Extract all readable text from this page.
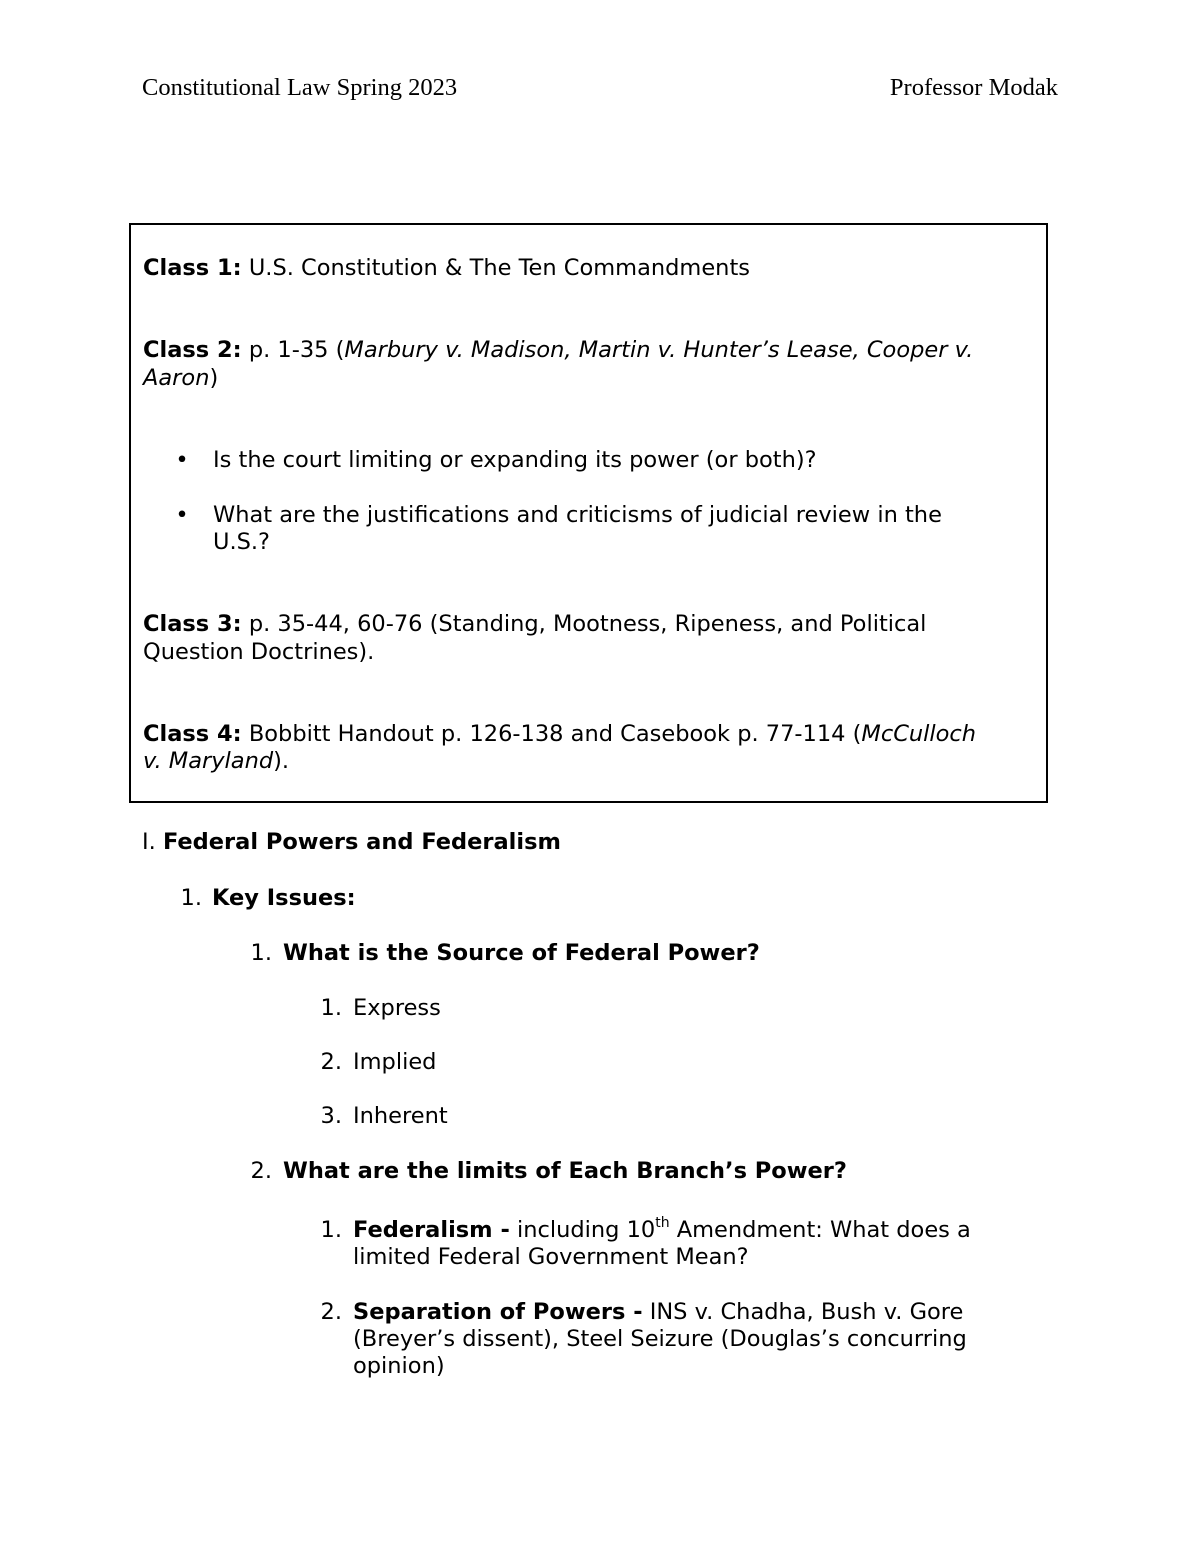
Constitutional Law Spring 2023	Professor Modak
Class 1: U.S. Constitution & The Ten Commandments
Class 2: p. 1-35 (Marbury v. Madison, Martin v. Hunter’s Lease, Cooper v.
Aaron)
• Is the court limiting or expanding its power (or both)?
• What are the justifications and criticisms of judicial review in the
U.S.?
Class 3: p. 35-44, 60-76 (Standing, Mootness, Ripeness, and Political
Question Doctrines).
Class 4: Bobbitt Handout p. 126-138 and Casebook p. 77-114 (McCulloch
v. Maryland).
I. Federal Powers and Federalism
1. Key Issues:
1. What is the Source of Federal Power?
1. Express
2. Implied
3. Inherent
2. What are the limits of Each Branch’s Power?
1. Federalism - including 10th Amendment: What does a
limited Federal Government Mean?
2. Separation of Powers - INS v. Chadha, Bush v. Gore
(Breyer’s dissent), Steel Seizure (Douglas’s concurring
opinion)
